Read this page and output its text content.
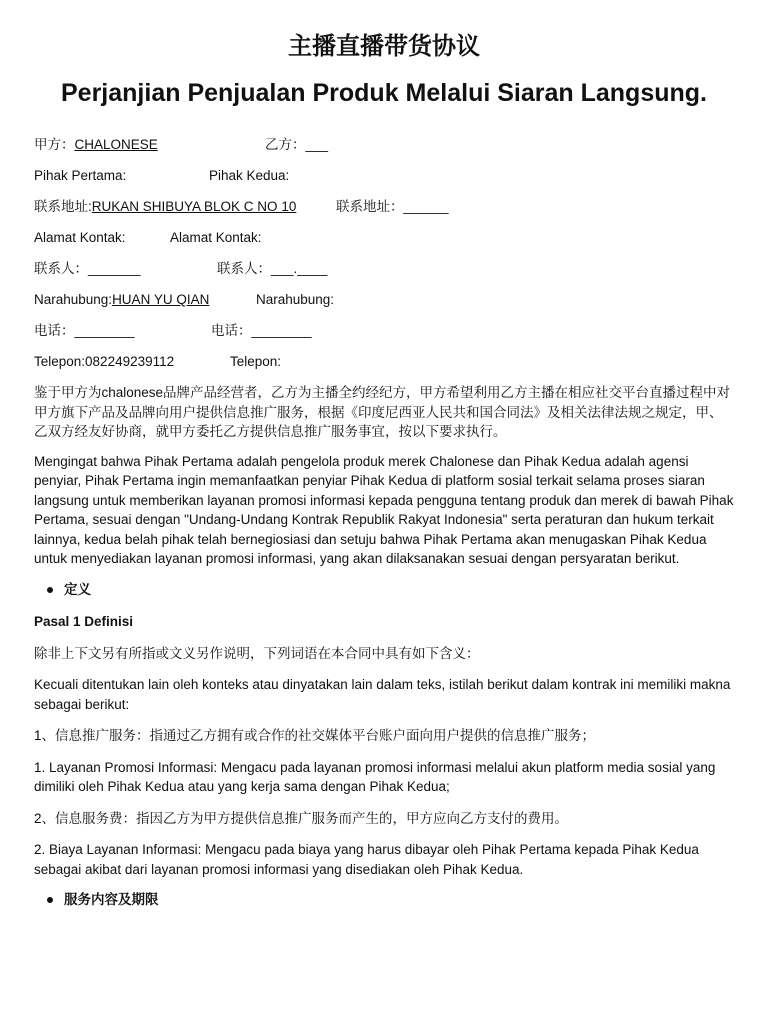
主播直播带货协议
Perjanjian Penjualan Produk Melalui Siaran Langsung.
甲方：CHALONESE	乙方：___
Pihak Pertama:	Pihak Kedua:
联系地址:RUKAN SHIBUYA BLOK C NO 10	联系地址：______
Alamat Kontak:	Alamat Kontak:
联系人：_______	联系人：___.____
Narahubung:HUAN YU QIAN	Narahubung:
电话：________	电话：________
Telepon:082249239112	Telepon:

鉴于甲方为chalonese品牌产品经营者，乙方为主播全约经纪方，甲方希望利用乙方主播在相应社交平台直播过程中对甲方旗下产品及品牌向用户提供信息推广服务，根据《印度尼西亚人民共和国合同法》及相关法律法规之规定，甲、乙双方经友好协商，就甲方委托乙方提供信息推广服务事宜，按以下要求执行。

Mengingat bahwa Pihak Pertama adalah pengelola produk merek Chalonese dan Pihak Kedua adalah agensi penyiar, Pihak Pertama ingin memanfaatkan penyiar Pihak Kedua di platform sosial terkait selama proses siaran langsung untuk memberikan layanan promosi informasi kepada pengguna tentang produk dan merek di bawah Pihak Pertama, sesuai dengan "Undang-Undang Kontrak Republik Rakyat Indonesia" serta peraturan dan hukum terkait lainnya, kedua belah pihak telah bernegiosiasi dan setuju bahwa Pihak Pertama akan menugaskan Pihak Kedua untuk menyediakan layanan promosi informasi, yang akan dilaksanakan sesuai dengan persyaratan berikut.

定义
Pasal 1 Definisi

除非上下文另有所指或文义另作说明，下列词语在本合同中具有如下含义：

Kecuali ditentukan lain oleh konteks atau dinyatakan lain dalam teks, istilah berikut dalam kontrak ini memiliki makna sebagai berikut:

1、信息推广服务：指通过乙方拥有或合作的社交媒体平台账户面向用户提供的信息推广服务；

1. Layanan Promosi Informasi: Mengacu pada layanan promosi informasi melalui akun platform media sosial yang dimiliki oleh Pihak Kedua atau yang kerja sama dengan Pihak Kedua;

2、信息服务费：指因乙方为甲方提供信息推广服务而产生的，甲方应向乙方支付的费用。

2. Biaya Layanan Informasi: Mengacu pada biaya yang harus dibayar oleh Pihak Pertama kepada Pihak Kedua sebagai akibat dari layanan promosi informasi yang disediakan oleh Pihak Kedua.

服务内容及期限
